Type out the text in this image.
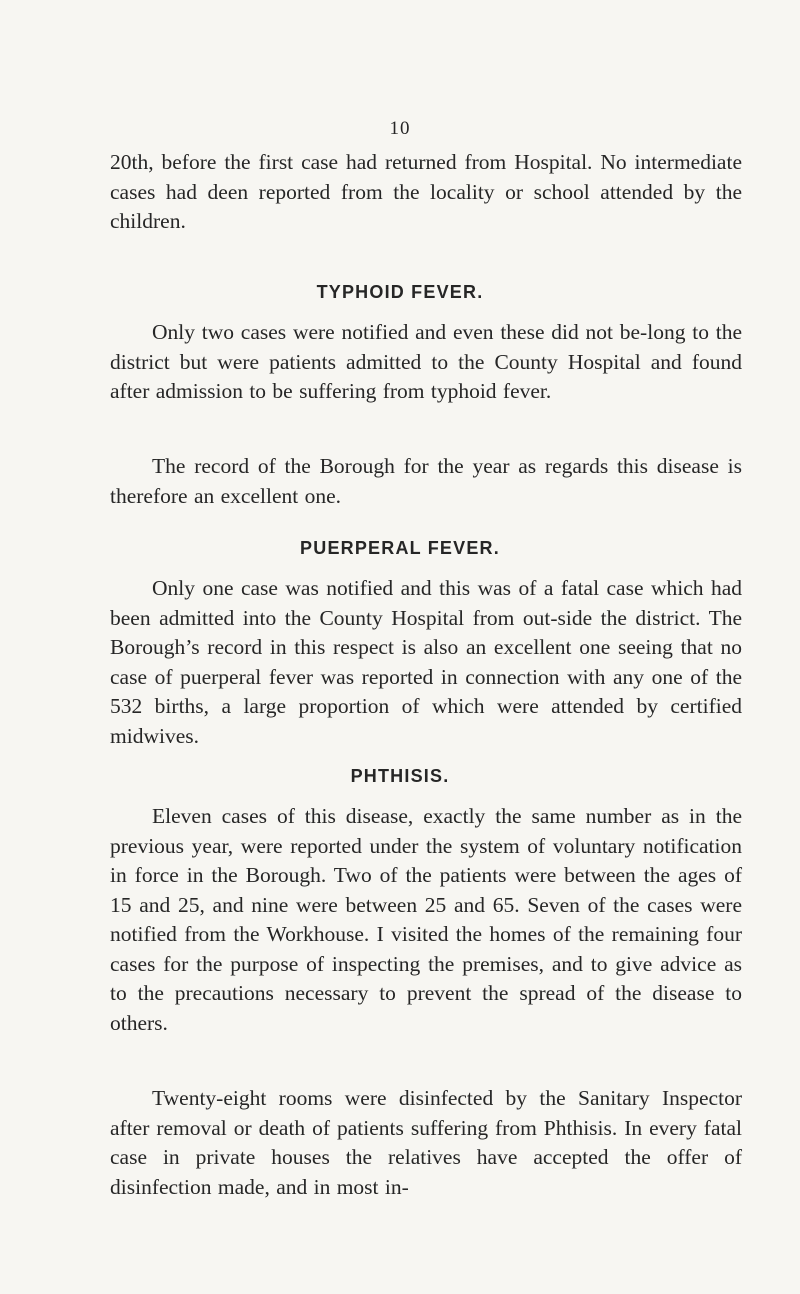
10

20th, before the first case had returned from Hospital. No intermediate cases had deen reported from the locality or school attended by the children.

TYPHOID FEVER.

Only two cases were notified and even these did not be-long to the district but were patients admitted to the County Hospital and found after admission to be suffering from typhoid fever.

The record of the Borough for the year as regards this disease is therefore an excellent one.

PUERPERAL FEVER.

Only one case was notified and this was of a fatal case which had been admitted into the County Hospital from out-side the district. The Borough’s record in this respect is also an excellent one seeing that no case of puerperal fever was reported in connection with any one of the 532 births, a large proportion of which were attended by certified midwives.

PHTHISIS.

Eleven cases of this disease, exactly the same number as in the previous year, were reported under the system of voluntary notification in force in the Borough. Two of the patients were between the ages of 15 and 25, and nine were between 25 and 65. Seven of the cases were notified from the Workhouse. I visited the homes of the remaining four cases for the purpose of inspecting the premises, and to give advice as to the precautions necessary to prevent the spread of the disease to others.

Twenty-eight rooms were disinfected by the Sanitary Inspector after removal or death of patients suffering from Phthisis. In every fatal case in private houses the relatives have accepted the offer of disinfection made, and in most in-
